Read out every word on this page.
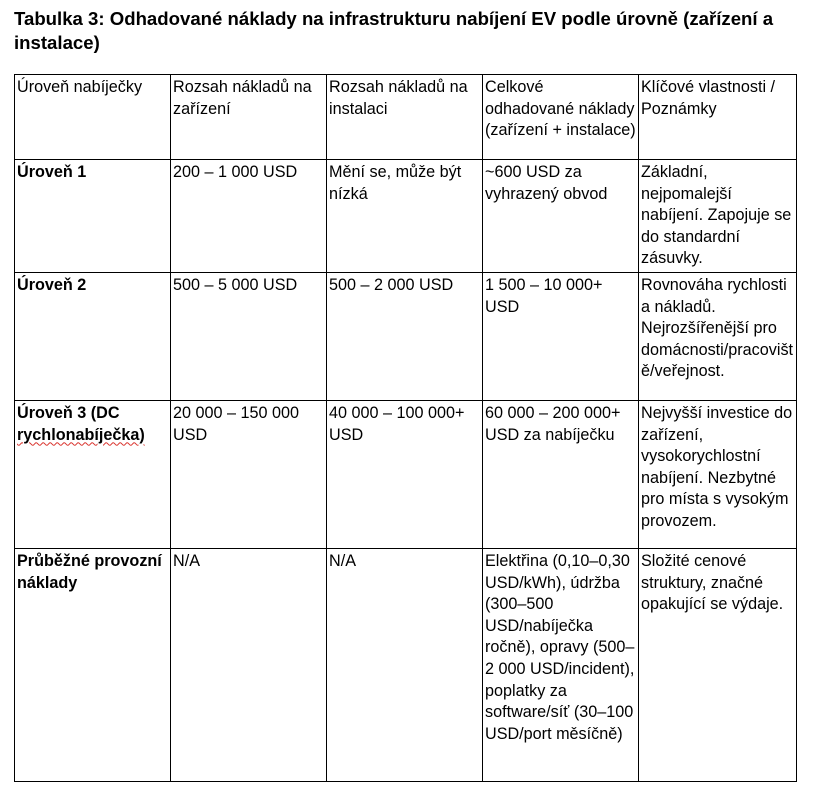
Tabulka 3: Odhadované náklady na infrastrukturu nabíjení EV podle úrovně (zařízení a instalace)
Úroveň nabíječky	Rozsah nákladů na zařízení	Rozsah nákladů na instalaci	Celkové odhadované náklady (zařízení + instalace)	Klíčové vlastnosti / Poznámky
Úroveň 1	200 – 1 000 USD	Mění se, může být nízká	~600 USD za vyhrazený obvod	Základní, nejpomalejší nabíjení. Zapojuje se do standardní zásuvky.
Úroveň 2	500 – 5 000 USD	500 – 2 000 USD	1 500 – 10 000+ USD	Rovnováha rychlosti a nákladů. Nejrozšířenější pro domácnosti/pracoviště/veřejnost.
Úroveň 3 (DC rychlonabíječka)	20 000 – 150 000 USD	40 000 – 100 000+ USD	60 000 – 200 000+ USD za nabíječku	Nejvyšší investice do zařízení, vysokorychlostní nabíjení. Nezbytné pro místa s vysokým provozem.
Průběžné provozní náklady	N/A	N/A	Elektřina (0,10–0,30 USD/kWh), údržba (300–500 USD/nabíječka ročně), opravy (500–2 000 USD/incident), poplatky za software/síť (30–100 USD/port měsíčně)	Složité cenové struktury, značné opakující se výdaje.
